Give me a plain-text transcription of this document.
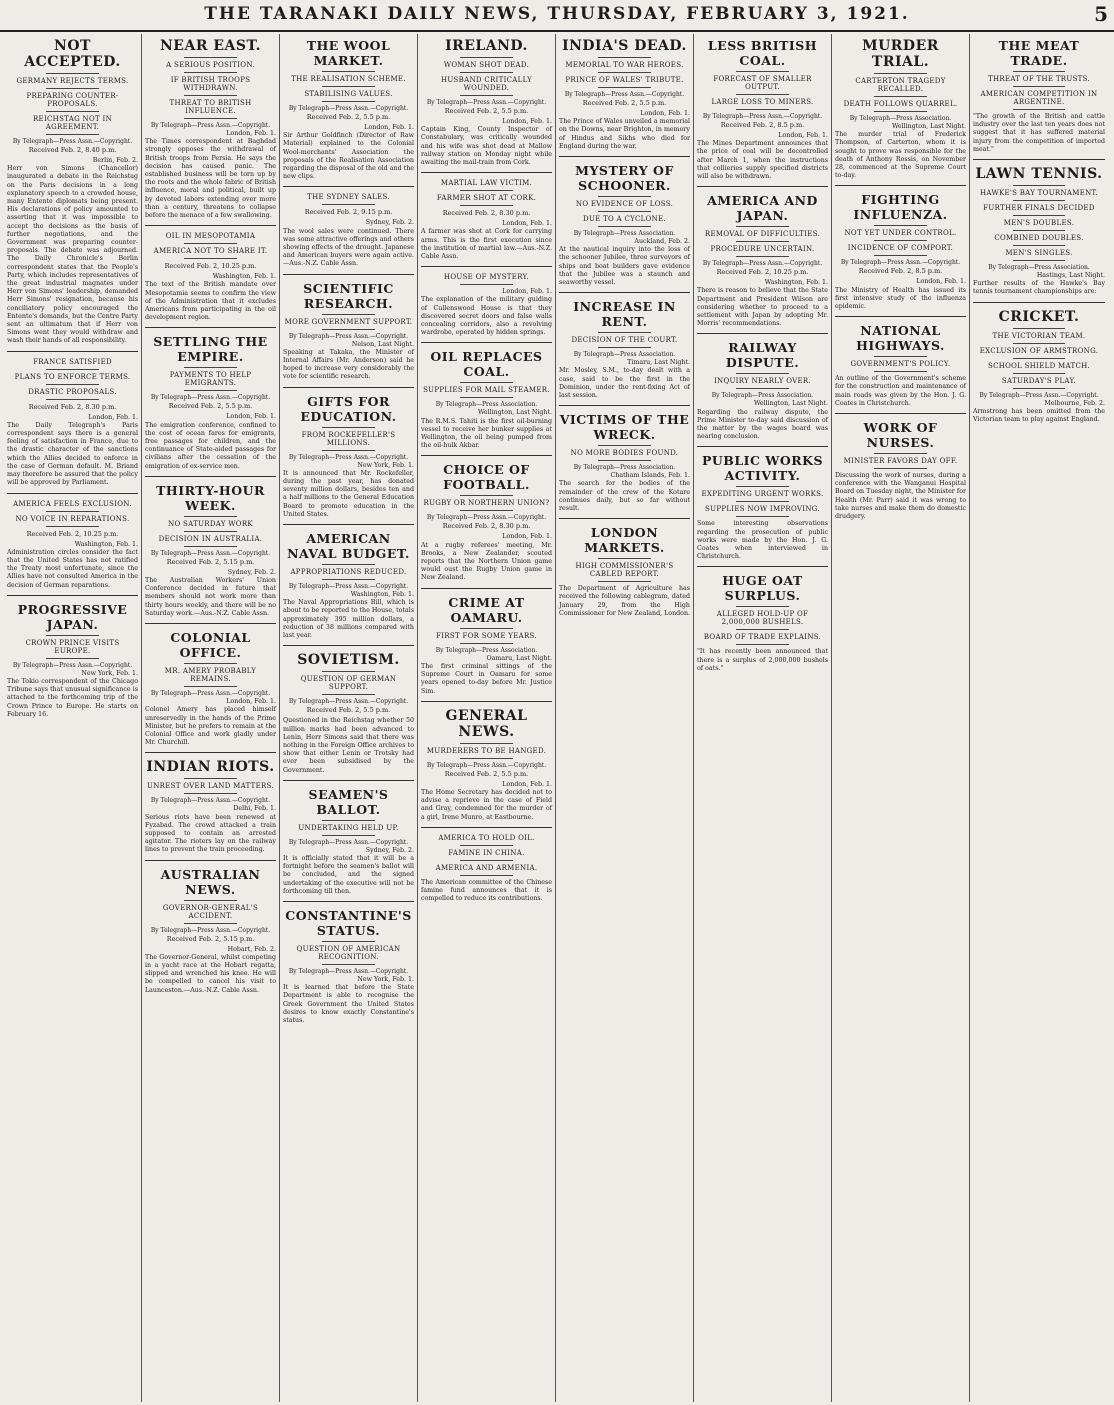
THE TARANAKI DAILY NEWS, THURSDAY, FEBRUARY 3, 1921.	5
NOT ACCEPTED.
GERMANY REJECTS TERMS.
PREPARING COUNTER-PROPOSALS.
REICHSTAG NOT IN AGREEMENT.
By Telegraph—Press Assn.—Copyright.
Received Feb. 2, 8.40 p.m.

Berlin, Feb. 2.
Herr von Simons (Chancellor) inaugurated a debate in the Reichstag on the Paris decisions in a long explanatory speech to a crowded house, many Entente diplomats being present. His declarations of policy amounted to asserting that it was impossible to accept the decisions as the basis of further negotiations, and the Government was preparing counter-proposals. The debate was adjourned. The Daily Chronicle's Berlin correspondent states that the People's Party, which includes representatives of the great industrial magnates under Herr von Simons' leadership, demanded Herr Simons' resignation, because his conciliatory policy encouraged the Entente's demands, but the Centre Party sent an ultimatum that if Herr von Simons went they would withdraw and wash their hands of all responsibility.

FRANCE SATISFIED
PLANS TO ENFORCE TERMS.
DRASTIC PROPOSALS.
Received Feb. 2, 8.30 p.m.

London, Feb. 1.
The Daily Telegraph's Paris correspondent says there is a general feeling of satisfaction in France, due to the drastic character of the sanctions which the Allies decided to enforce in the case of German default. M. Briand may therefore be assured that the policy will be approved by Parliament.

AMERICA FEELS EXCLUSION.
NO VOICE IN REPARATIONS.
Received Feb. 2, 10.25 p.m.

Washington, Feb. 1.
Administration circles consider the fact that the United States has not ratified the Treaty most unfortunate, since the Allies have not consulted America in the decision of German reparations.

PROGRESSIVE JAPAN.
CROWN PRINCE VISITS EUROPE.
By Telegraph—Press Assn.—Copyright.

New York, Feb. 1.
The Tokio correspondent of the Chicago Tribune says that unusual significance is attached to the forthcoming trip of the Crown Prince to Europe. He starts on February 16.

NEAR EAST.
A SERIOUS POSITION.
IF BRITISH TROOPS WITHDRAWN.
THREAT TO BRITISH INFLUENCE.
By Telegraph—Press Assn.—Copyright.

London, Feb. 1.
The Times correspondent at Baghdad strongly opposes the withdrawal of British troops from Persia. He says the decision has caused panic. The established business will be torn up by the roots and the whole fabric of British influence, moral and political, built up by devoted labors extending over more than a century, threatens to collapse before the menace of a few swallowing.

OIL IN MESOPOTAMIA
AMERICA NOT TO SHARE IT.
Received Feb. 2, 10.25 p.m.

Washington, Feb. 1.
The text of the British mandate over Mesopotamia seems to confirm the view of the Administration that it excludes Americans from participating in the oil development region.

SETTLING THE EMPIRE.
PAYMENTS TO HELP EMIGRANTS.
By Telegraph—Press Assn.—Copyright.
Received Feb. 2, 5.5 p.m.

London, Feb. 1.
The emigration conference, confined to the cost of ocean fares for emigrants, free passages for children, and the continuance of State-aided passages for civilians after the cessation of the emigration of ex-service men.

THIRTY-HOUR WEEK.
NO SATURDAY WORK
DECISION IN AUSTRALIA.
By Telegraph—Press Assn.—Copyright.
Received Feb. 2, 5.15 p.m.

Sydney, Feb. 2.
The Australian Workers' Union Conference decided in future that members should not work more than thirty hours weekly, and there will be no Saturday work.—Aus.-N.Z. Cable Assn.

COLONIAL OFFICE.
MR. AMERY PROBABLY REMAINS.
By Telegraph—Press Assn.—Copyright.

London, Feb. 1.
Colonel Amery has placed himself unreservedly in the hands of the Prime Minister, but he prefers to remain at the Colonial Office and work gladly under Mr. Churchill.

INDIAN RIOTS.
UNREST OVER LAND MATTERS.
By Telegraph—Press Assn.—Copyright.

Delhi, Feb. 1.
Serious riots have been renewed at Fyzabad. The crowd attacked a train supposed to contain an arrested agitator. The rioters lay on the railway lines to prevent the train proceeding.

AUSTRALIAN NEWS.
GOVERNOR-GENERAL'S ACCIDENT.
By Telegraph—Press Assn.—Copyright.
Received Feb. 2, 5.15 p.m.

Hobart, Feb. 2.
The Governor-General, whilst competing in a yacht race at the Hobart regatta, slipped and wrenched his knee. He will be compelled to cancel his visit to Launceston.—Aus.-N.Z. Cable Assn.

THE WOOL MARKET.
THE REALISATION SCHEME.
STABILISING VALUES.
By Telegraph—Press Assn.—Copyright.
Received Feb. 2, 5.5 p.m.

London, Feb. 1.
Sir Arthur Goldfinch (Director of Raw Material) explained to the Colonial Wool-merchants' Association the proposals of the Realisation Association regarding the disposal of the old and the new clips.

THE SYDNEY SALES.
Received Feb. 2, 9.15 p.m.

Sydney, Feb. 2.
The wool sales were continued. There was some attractive offerings and others showing effects of the drought. Japanese and American buyers were again active.—Aus.-N.Z. Cable Assn.

SCIENTIFIC RESEARCH.
MORE GOVERNMENT SUPPORT.
By Telegraph—Press Assn.—Copyright.

Nelson, Last Night.
Speaking at Takaka, the Minister of Internal Affairs (Mr. Anderson) said he hoped to increase very considerably the vote for scientific research.

GIFTS FOR EDUCATION.
FROM ROCKEFELLER'S MILLIONS.
By Telegraph—Press Assn.—Copyright.

New York, Feb. 1.
It is announced that Mr. Rockefeller, during the past year, has donated seventy million dollars, besides ten and a half millions to the General Education Board to promote education in the United States.

AMERICAN NAVAL BUDGET.
APPROPRIATIONS REDUCED.
By Telegraph—Press Assn.—Copyright.

Washington, Feb. 1.
The Naval Appropriations Bill, which is about to be reported to the House, totals approximately 395 million dollars, a reduction of 38 millions compared with last year.

SOVIETISM.
QUESTION OF GERMAN SUPPORT.
By Telegraph—Press Assn.—Copyright.
Received Feb. 2, 5.5 p.m.

Questioned in the Reichstag whether 50 million marks had been advanced to Lenin, Herr Simons said that there was nothing in the Foreign Office archives to show that either Lenin or Trotsky had ever been subsidised by the Government.

SEAMEN'S BALLOT.
UNDERTAKING HELD UP.
By Telegraph—Press Assn.—Copyright.

Sydney, Feb. 2.
It is officially stated that it will be a fortnight before the seamen's ballot will be concluded, and the signed undertaking of the executive will not be forthcoming till then.

CONSTANTINE'S STATUS.
QUESTION OF AMERICAN RECOGNITION.
By Telegraph—Press Assn.—Copyright.

New York, Feb. 1.
It is learned that before the State Department is able to recognise the Greek Government the United States desires to know exactly Constantine's status.

IRELAND.
WOMAN SHOT DEAD.
HUSBAND CRITICALLY WOUNDED.
By Telegraph—Press Assn.—Copyright.
Received Feb. 2, 5.5 p.m.

London, Feb. 1.
Captain King, County Inspector of Constabulary, was critically wounded and his wife was shot dead at Mallow railway station on Monday night while awaiting the mail-train from Cork.

MARTIAL LAW VICTIM.
FARMER SHOT AT CORK.
Received Feb. 2, 8.30 p.m.

London, Feb. 1.
A farmer was shot at Cork for carrying arms. This is the first execution since the institution of martial law.—Aus.-N.Z. Cable Assn.

HOUSE OF MYSTERY.

London, Feb. 1.
The explanation of the military guiding of Cullenswood House is that they discovered secret doors and false walls concealing corridors, also a revolving wardrobe, operated by hidden springs.

OIL REPLACES COAL.
SUPPLIES FOR MAIL STEAMER.
By Telegraph—Press Association.

Wellington, Last Night.
The R.M.S. Tahiti is the first oil-burning vessel to receive her bunker supplies at Wellington, the oil being pumped from the oil-hulk Akbar.

CHOICE OF FOOTBALL.
RUGBY OR NORTHERN UNION?
By Telegraph—Press Assn.—Copyright.
Received Feb. 2, 8.30 p.m.

London, Feb. 1.
At a rugby referees' meeting, Mr. Brooks, a New Zealander, scouted reports that the Northern Union game would oust the Rugby Union game in New Zealand.

CRIME AT OAMARU.
FIRST FOR SOME YEARS.
By Telegraph—Press Association.

Oamaru, Last Night.
The first criminal sittings of the Supreme Court in Oamaru for some years opened to-day before Mr. Justice Sim.

GENERAL NEWS.
MURDERERS TO BE HANGED.
By Telegraph—Press Assn.—Copyright.
Received Feb. 2, 5.5 p.m.

London, Feb. 1.
The Home Secretary has decided not to advise a reprieve in the case of Field and Gray, condemned for the murder of a girl, Irene Munro, at Eastbourne.

AMERICA TO HOLD OIL.
FAMINE IN CHINA.
AMERICA AND ARMENIA.

The American committee of the Chinese famine fund announces that it is compelled to reduce its contributions.

INDIA'S DEAD.
MEMORIAL TO WAR HEROES.
PRINCE OF WALES' TRIBUTE.
By Telegraph—Press Assn.—Copyright.
Received Feb. 2, 5.5 p.m.

London, Feb. 1.
The Prince of Wales unveiled a memorial on the Downs, near Brighton, in memory of Hindus and Sikhs who died for England during the war.

MYSTERY OF SCHOONER.
NO EVIDENCE OF LOSS.
DUE TO A CYCLONE.
By Telegraph—Press Association.

Auckland, Feb. 2.
At the nautical inquiry into the loss of the schooner Jubilee, three surveyors of ships and boat builders gave evidence that the Jubilee was a staunch and seaworthy vessel.

INCREASE IN RENT.
DECISION OF THE COURT.
By Telegraph—Press Association.

Timaru, Last Night.
Mr. Mosley, S.M., to-day dealt with a case, said to be the first in the Dominion, under the rent-fixing Act of last session.

VICTIMS OF THE WRECK.
NO MORE BODIES FOUND.
By Telegraph—Press Association.

Chatham Islands, Feb. 1.
The search for the bodies of the remainder of the crew of the Kotare continues daily, but so far without result.

LONDON MARKETS.
HIGH COMMISSIONER'S CABLED REPORT.

The Department of Agriculture has received the following cablegram, dated January 29, from the High Commissioner for New Zealand, London.

LESS BRITISH COAL.
FORECAST OF SMALLER OUTPUT.
LARGE LOSS TO MINERS.
By Telegraph—Press Assn.—Copyright.
Received Feb. 2, 8.5 p.m.

London, Feb. 1.
The Mines Department announces that the price of coal will be decontrolled after March 1, when the instructions that collieries supply specified districts will also be withdrawn.

AMERICA AND JAPAN.
REMOVAL OF DIFFICULTIES.
PROCEDURE UNCERTAIN.
By Telegraph—Press Assn.—Copyright.
Received Feb. 2, 10.25 p.m.

Washington, Feb. 1.
There is reason to believe that the State Department and President Wilson are considering whether to proceed to a settlement with Japan by adopting Mr. Morris' recommendations.

RAILWAY DISPUTE.
INQUIRY NEARLY OVER.
By Telegraph—Press Association.

Wellington, Last Night.
Regarding the railway dispute, the Prime Minister to-day said discussion of the matter by the wages board was nearing conclusion.

PUBLIC WORKS ACTIVITY.
EXPEDITING URGENT WORKS.
SUPPLIES NOW IMPROVING.

Some interesting observations regarding the prosecution of public works were made by the Hon. J. G. Coates when interviewed in Christchurch.

HUGE OAT SURPLUS.
ALLEGED HOLD-UP OF 2,000,000 BUSHELS.
BOARD OF TRADE EXPLAINS.

"It has recently been announced that there is a surplus of 2,000,000 bushels of oats."

MURDER TRIAL.
CARTERTON TRAGEDY RECALLED.
DEATH FOLLOWS QUARREL.
By Telegraph—Press Association.

Wellington, Last Night.
The murder trial of Frederick Thompson, of Carterton, whom it is sought to prove was responsible for the death of Anthony Rossis, on November 28, commenced at the Supreme Court to-day.

FIGHTING INFLUENZA.
NOT YET UNDER CONTROL.
INCIDENCE OF COMPORT.
By Telegraph—Press Assn.—Copyright.
Received Feb. 2, 8.5 p.m.

London, Feb. 1.
The Ministry of Health has issued its first intensive study of the influenza epidemic.

NATIONAL HIGHWAYS.
GOVERNMENT'S POLICY.

An outline of the Government's scheme for the construction and maintenance of main roads was given by the Hon. J. G. Coates in Christchurch.

WORK OF NURSES.
MINISTER FAVORS DAY OFF.

Discussing the work of nurses, during a conference with the Wanganui Hospital Board on Tuesday night, the Minister for Health (Mr. Parr) said it was wrong to take nurses and make them do domestic drudgery.

THE MEAT TRADE.
THREAT OF THE TRUSTS.
AMERICAN COMPETITION IN ARGENTINE.

"The growth of the British and cattle industry over the last ten years does not suggest that it has suffered material injury from the competition of imported meat."

LAWN TENNIS.
HAWKE'S BAY TOURNAMENT.
FURTHER FINALS DECIDED
MEN'S DOUBLES.
COMBINED DOUBLES.
MEN'S SINGLES.
By Telegraph—Press Association.

Hastings, Last Night.
Further results of the Hawke's Bay tennis tournament championships are:

CRICKET.
THE VICTORIAN TEAM.
EXCLUSION OF ARMSTRONG.
SCHOOL SHIELD MATCH.
SATURDAY'S PLAY.
By Telegraph—Press Assn.—Copyright.

Melbourne, Feb. 2.
Armstrong has been omitted from the Victorian team to play against England.
